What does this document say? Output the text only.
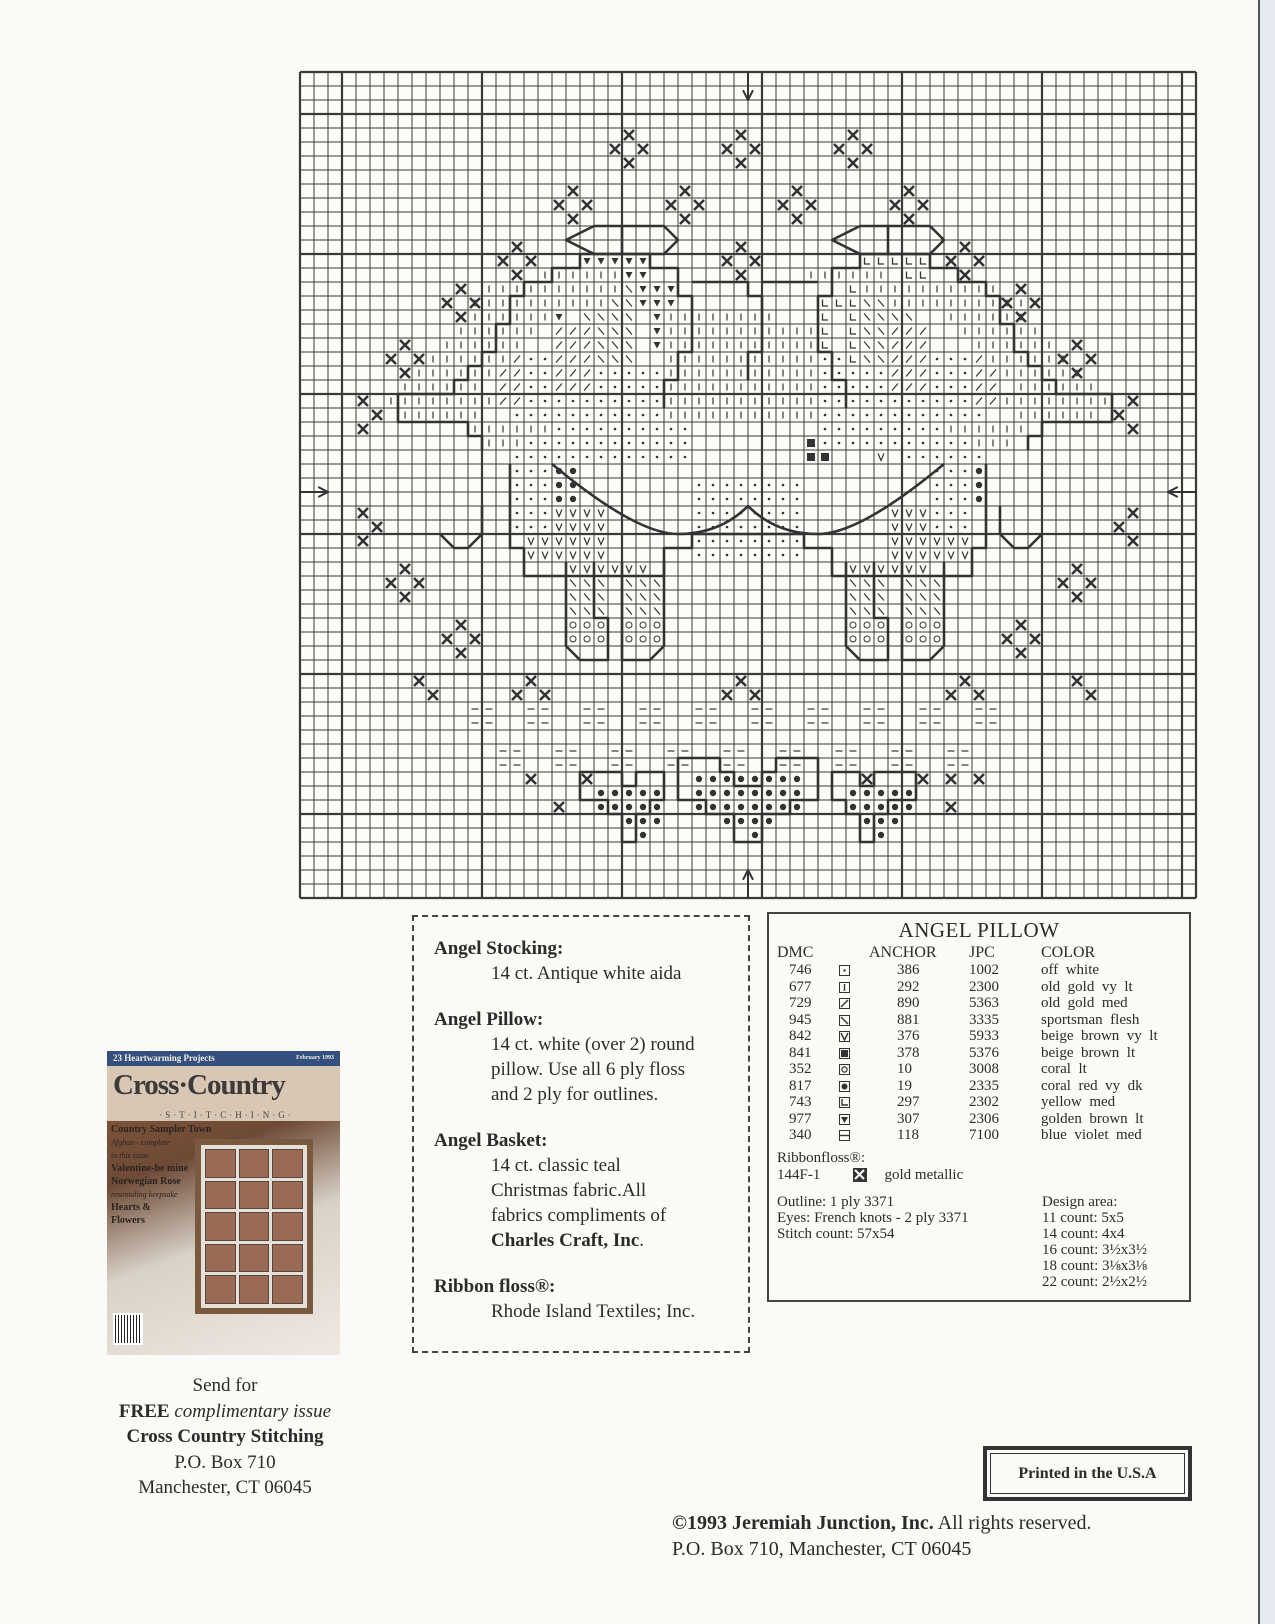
Angel Stocking:
14 ct. Antique white aida
Angel Pillow:
14 ct. white (over 2) round
pillow. Use all 6 ply floss
and 2 ply for outlines.
Angel Basket:
14 ct. classic teal
Christmas fabric.All
fabrics compliments of
Charles Craft, Inc.
Ribbon floss®:
Rhode Island Textiles; Inc.
ANGEL PILLOW
DMC		ANCHOR	JPC	COLOR
746		386	1002	off  white
677		292	2300	old  gold  vy  lt
729		890	5363	old  gold  med
945		881	3335	sportsman  flesh
842		376	5933	beige  brown  vy  lt
841		378	5376	beige  brown  lt
352		10	3008	coral  lt
817		19	2335	coral  red  vy  dk
743		297	2302	yellow  med
977		307	2306	golden  brown  lt
340		118	7100	blue  violet  med
Ribbonfloss®:
144F-1	gold metallic
Outline: 1 ply 3371
Eyes: French knots - 2 ply 3371
Stitch count: 57x54
Design area:
11 count: 5x5
14 count: 4x4
16 count: 3½x3½
18 count: 3⅛x3⅛
22 count: 2½x2½
23 Heartwarming Projects	February 1993
Cross·Country
·S·T·I·T·C·H·I·N·G·
Country Sampler Town
Afghan - complete
in this issue
Valentine-be mine
Norwegian Rose
rosemaling keepsake
Hearts &
Flowers
Send for
FREE complimentary issue
Cross Country Stitching
P.O. Box 710
Manchester, CT 06045
Printed in the U.S.A
©1993 Jeremiah Junction, Inc. All rights reserved.
P.O. Box 710, Manchester, CT 06045
